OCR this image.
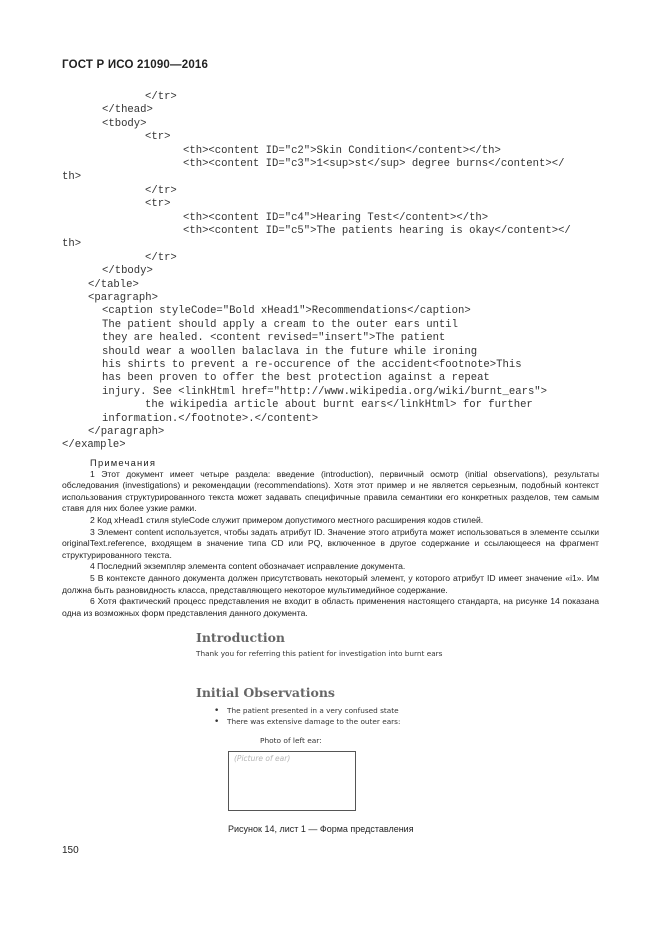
ГОСТ Р ИСО 21090—2016
</tr>
</thead>
<tbody>
<tr>
<th><content ID="c2">Skin Condition</content></th>
<th><content ID="c3">1<sup>st</sup> degree burns</content></
th>
</tr>
<tr>
<th><content ID="c4">Hearing Test</content></th>
<th><content ID="c5">The patients hearing is okay</content></
th>
</tr>
</tbody>
</table>
<paragraph>
<caption styleCode="Bold xHead1">Recommendations</caption>
The patient should apply a cream to the outer ears until
they are healed. <content revised="insert">The patient
should wear a woollen balaclava in the future while ironing
his shirts to prevent a re-occurence of the accident<footnote>This
has been proven to offer the best protection against a repeat
injury. See <linkHtml href="http://www.wikipedia.org/wiki/burnt_ears">
the wikipedia article about burnt ears</linkHtml> for further
information.</footnote>.</content>
</paragraph>
</example>
Примечания

1 Этот документ имеет четыре раздела: введение (introduction), первичный осмотр (initial observations), результаты обследования (investigations) и рекомендации (recommendations). Хотя этот пример и не является серьезным, подобный контекст использования структурированного текста может задавать специфичные правила семантики его конкретных разделов, тем самым ставя для них более узкие рамки.

2 Код xHead1 стиля styleCode служит примером допустимого местного расширения кодов стилей.

3 Элемент content используется, чтобы задать атрибут ID. Значение этого атрибута может использоваться в элементе ссылки originalText.reference, входящем в значение типа CD или PQ, включенное в другое содержание и ссылающееся на фрагмент структурированного текста.

4 Последний экземпляр элемента content обозначает исправление документа.

5 В контексте данного документа должен присутствовать некоторый элемент, у которого атрибут ID имеет значение «i1». Им должна быть разновидность класса, представляющего некоторое мультимедийное содержание.

6 Хотя фактический процесс представления не входит в область применения настоящего стандарта, на рисунке 14 показана одна из возможных форм представления данного документа.

Introduction
Thank you for referring this patient for investigation into burnt ears
Initial Observations
• The patient presented in a very confused state
• There was extensive damage to the outer ears:
Photo of left ear:
(Picture of ear)
Рисунок 14, лист 1 — Форма представления
150
